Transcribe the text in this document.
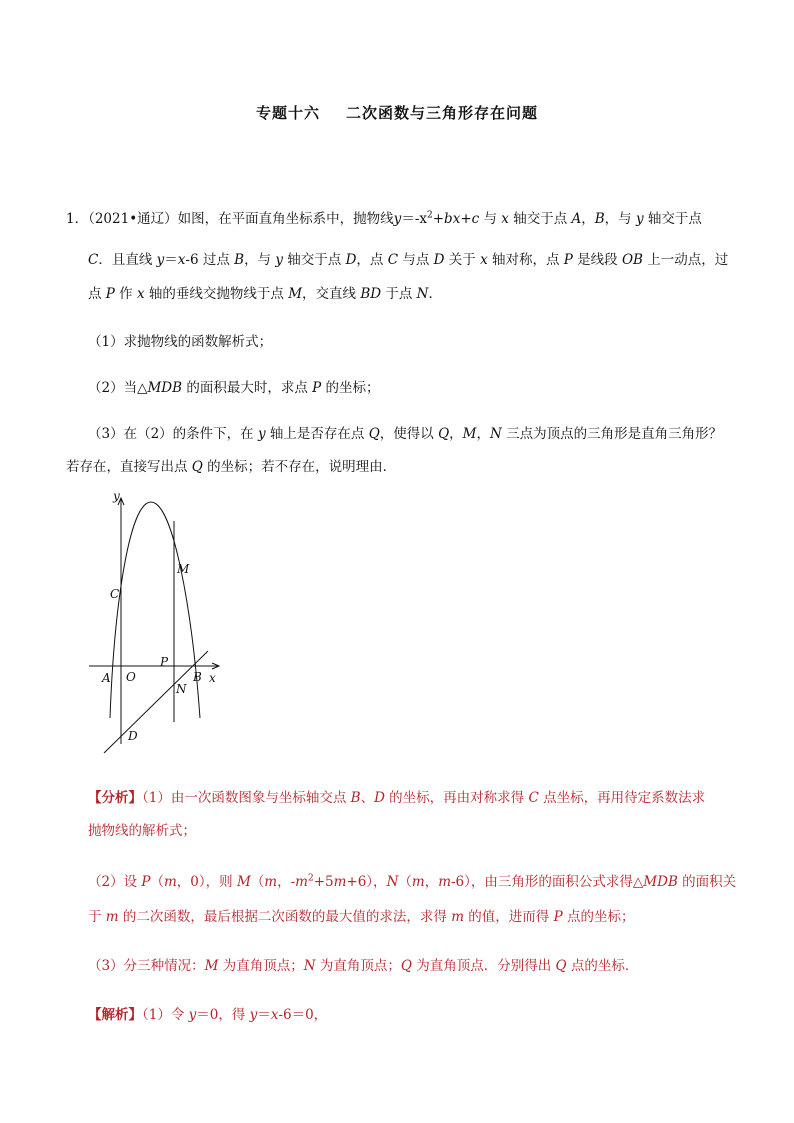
专题十六 二次函数与三角形存在问题
1．（2021•通辽）如图，在平面直角坐标系中，抛物线$y=-x^2+bx+c$ 与 x 轴交于点 A，B，与 y 轴交于点
C．且直线 y＝x-6 过点 B，与 y 轴交于点 D，点 C 与点 D 关于 x 轴对称，点 P 是线段 OB 上一动点，过
点 P 作 x 轴的垂线交抛物线于点 M，交直线 BD 于点 N．
（1）求抛物线的函数解析式；
（2）当△MDB 的面积最大时，求点 P 的坐标；
（3）在（2）的条件下，在 y 轴上是否存在点 Q，使得以 Q，M，N 三点为顶点的三角形是直角三角形？
若存在，直接写出点 Q 的坐标；若不存在，说明理由．
y
x
M
C
P
A O	B
N
D
【分析】（1）由一次函数图象与坐标轴交点 B、D 的坐标，再由对称求得 C 点坐标，再用待定系数法求
抛物线的解析式；
（2）设 P（m，0），则 M（m，$-m^2+5m+6$），N（m，m-6），由三角形的面积公式求得△MDB 的面积关
于 m 的二次函数，最后根据二次函数的最大值的求法，求得 m 的值，进而得 P 点的坐标；
（3）分三种情况：M 为直角顶点；N 为直角顶点；Q 为直角顶点．分别得出 Q 点的坐标．
【解析】（1）令 y＝0，得 y＝x-6＝0，
